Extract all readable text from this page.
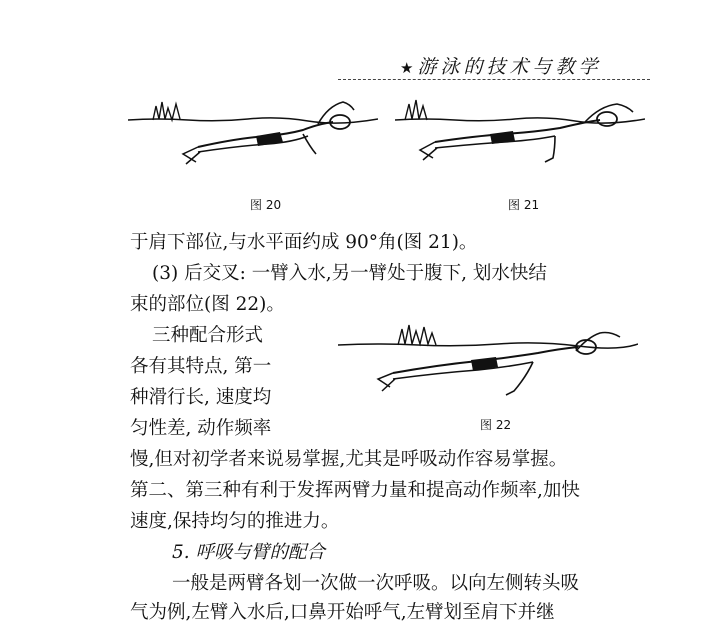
★ 游泳的技术与教学
图 20	图 21
于肩下部位,与水平面约成 90°角(图 21)。
(3) 后交叉: 一臂入水,另一臂处于腹下, 划水快结
束的部位(图 22)。
三种配合形式
各有其特点, 第一
种滑行长, 速度均
匀性差, 动作频率	图 22
慢,但对初学者来说易掌握,尤其是呼吸动作容易掌握。
第二、第三种有利于发挥两臂力量和提高动作频率,加快
速度,保持均匀的推进力。
5. 呼吸与臂的配合
一般是两臂各划一次做一次呼吸。以向左侧转头吸
气为例,左臂入水后,口鼻开始呼气,左臂划至肩下并继
